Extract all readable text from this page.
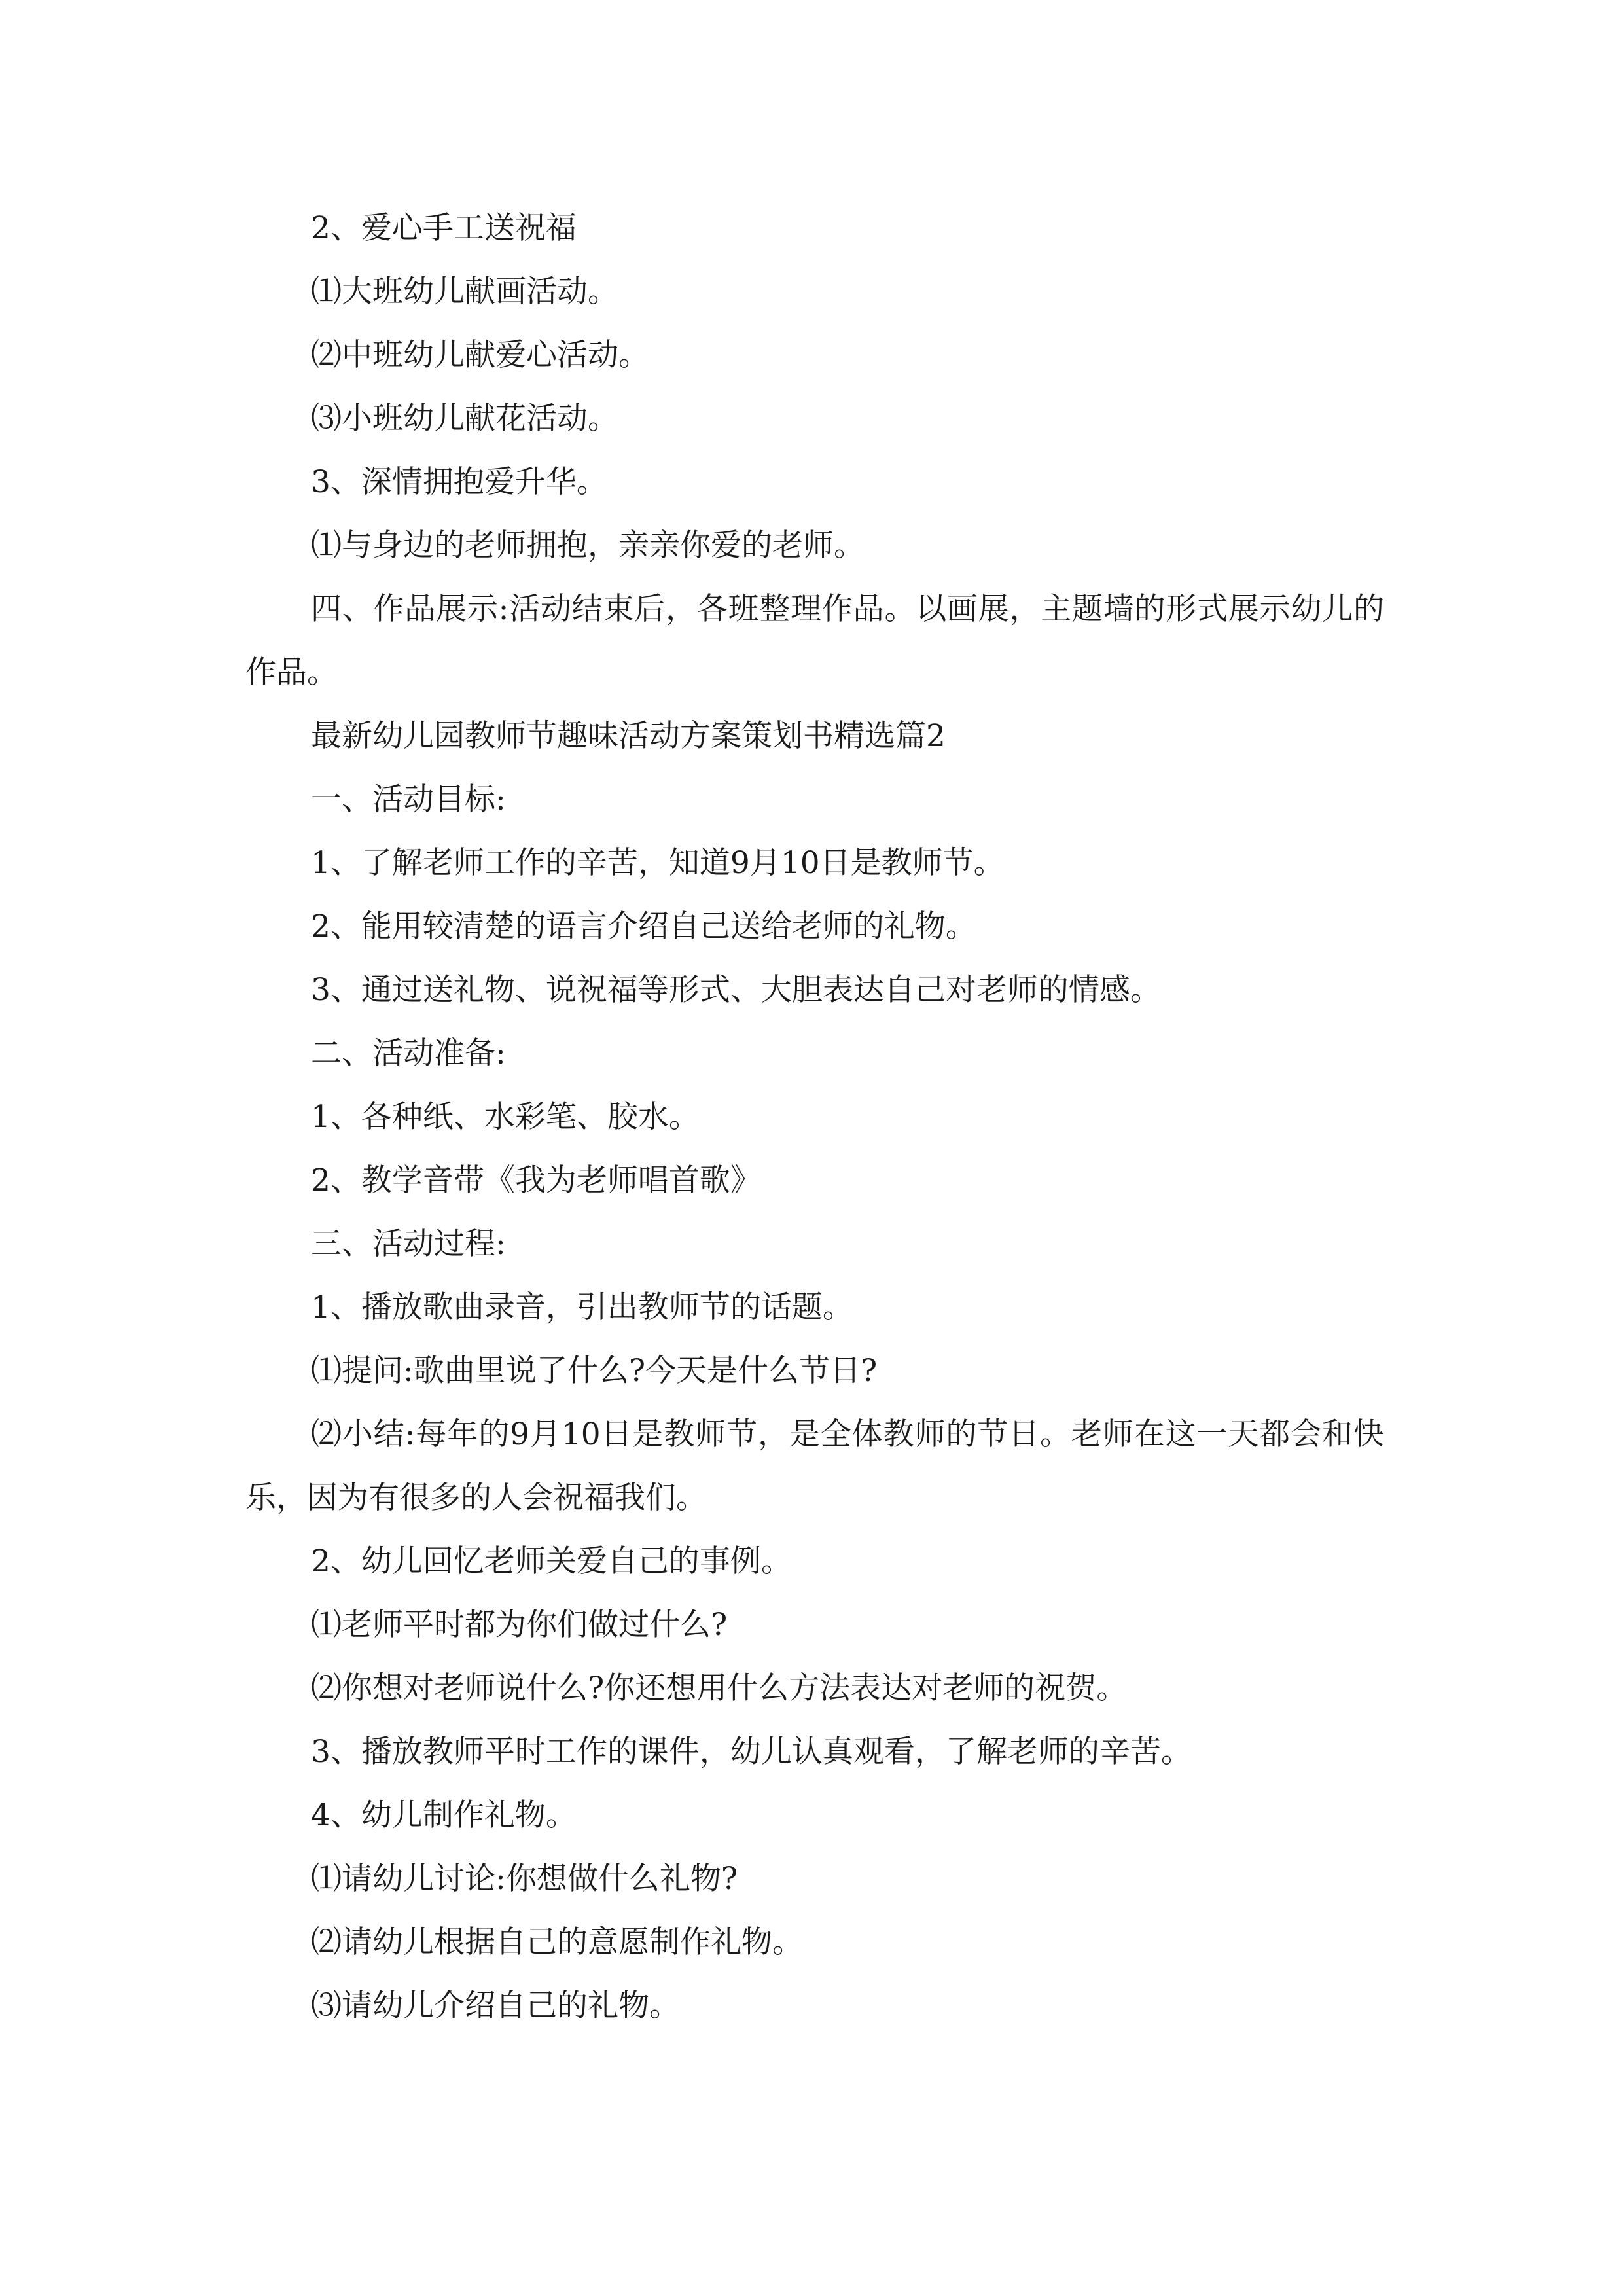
2、爱心手工送祝福

⑴大班幼儿献画活动。

⑵中班幼儿献爱心活动。

⑶小班幼儿献花活动。

3、深情拥抱爱升华。

⑴与身边的老师拥抱，亲亲你爱的老师。

四、作品展示:活动结束后，各班整理作品。以画展，主题墙的形式展示幼儿的作品。

最新幼儿园教师节趣味活动方案策划书精选篇2

一、活动目标:

1、了解老师工作的辛苦，知道9月10日是教师节。

2、能用较清楚的语言介绍自己送给老师的礼物。

3、通过送礼物、说祝福等形式、大胆表达自己对老师的情感。

二、活动准备:

1、各种纸、水彩笔、胶水。

2、教学音带《我为老师唱首歌》

三、活动过程:

1、播放歌曲录音，引出教师节的话题。

⑴提问:歌曲里说了什么?今天是什么节日?

⑵小结:每年的9月10日是教师节，是全体教师的节日。老师在这一天都会和快乐，因为有很多的人会祝福我们。

2、幼儿回忆老师关爱自己的事例。

⑴老师平时都为你们做过什么?

⑵你想对老师说什么?你还想用什么方法表达对老师的祝贺。

3、播放教师平时工作的课件，幼儿认真观看，了解老师的辛苦。

4、幼儿制作礼物。

⑴请幼儿讨论:你想做什么礼物?

⑵请幼儿根据自己的意愿制作礼物。

⑶请幼儿介绍自己的礼物。
